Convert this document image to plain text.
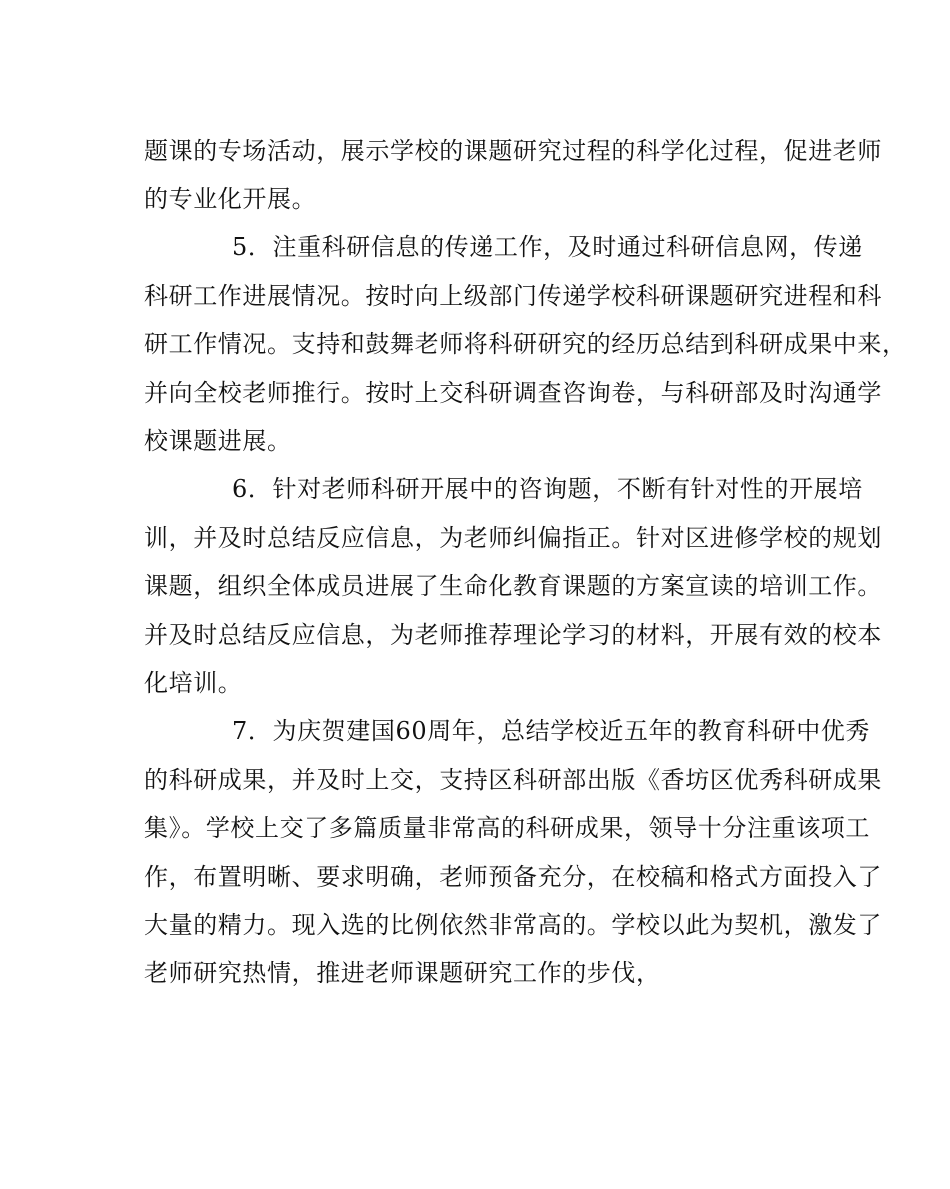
题课的专场活动，展示学校的课题研究过程的科学化过程，促进老师
的专业化开展。
5．注重科研信息的传递工作，及时通过科研信息网，传递
科研工作进展情况。按时向上级部门传递学校科研课题研究进程和科
研工作情况。支持和鼓舞老师将科研研究的经历总结到科研成果中来，
并向全校老师推行。按时上交科研调查咨询卷，与科研部及时沟通学
校课题进展。
6．针对老师科研开展中的咨询题，不断有针对性的开展培
训，并及时总结反应信息，为老师纠偏指正。针对区进修学校的规划
课题，组织全体成员进展了生命化教育课题的方案宣读的培训工作。
并及时总结反应信息，为老师推荐理论学习的材料，开展有效的校本
化培训。
7．为庆贺建国60周年，总结学校近五年的教育科研中优秀
的科研成果，并及时上交，支持区科研部出版《香坊区优秀科研成果
集》。学校上交了多篇质量非常高的科研成果，领导十分注重该项工
作，布置明晰、要求明确，老师预备充分，在校稿和格式方面投入了
大量的精力。现入选的比例依然非常高的。学校以此为契机，激发了
老师研究热情，推进老师课题研究工作的步伐，
